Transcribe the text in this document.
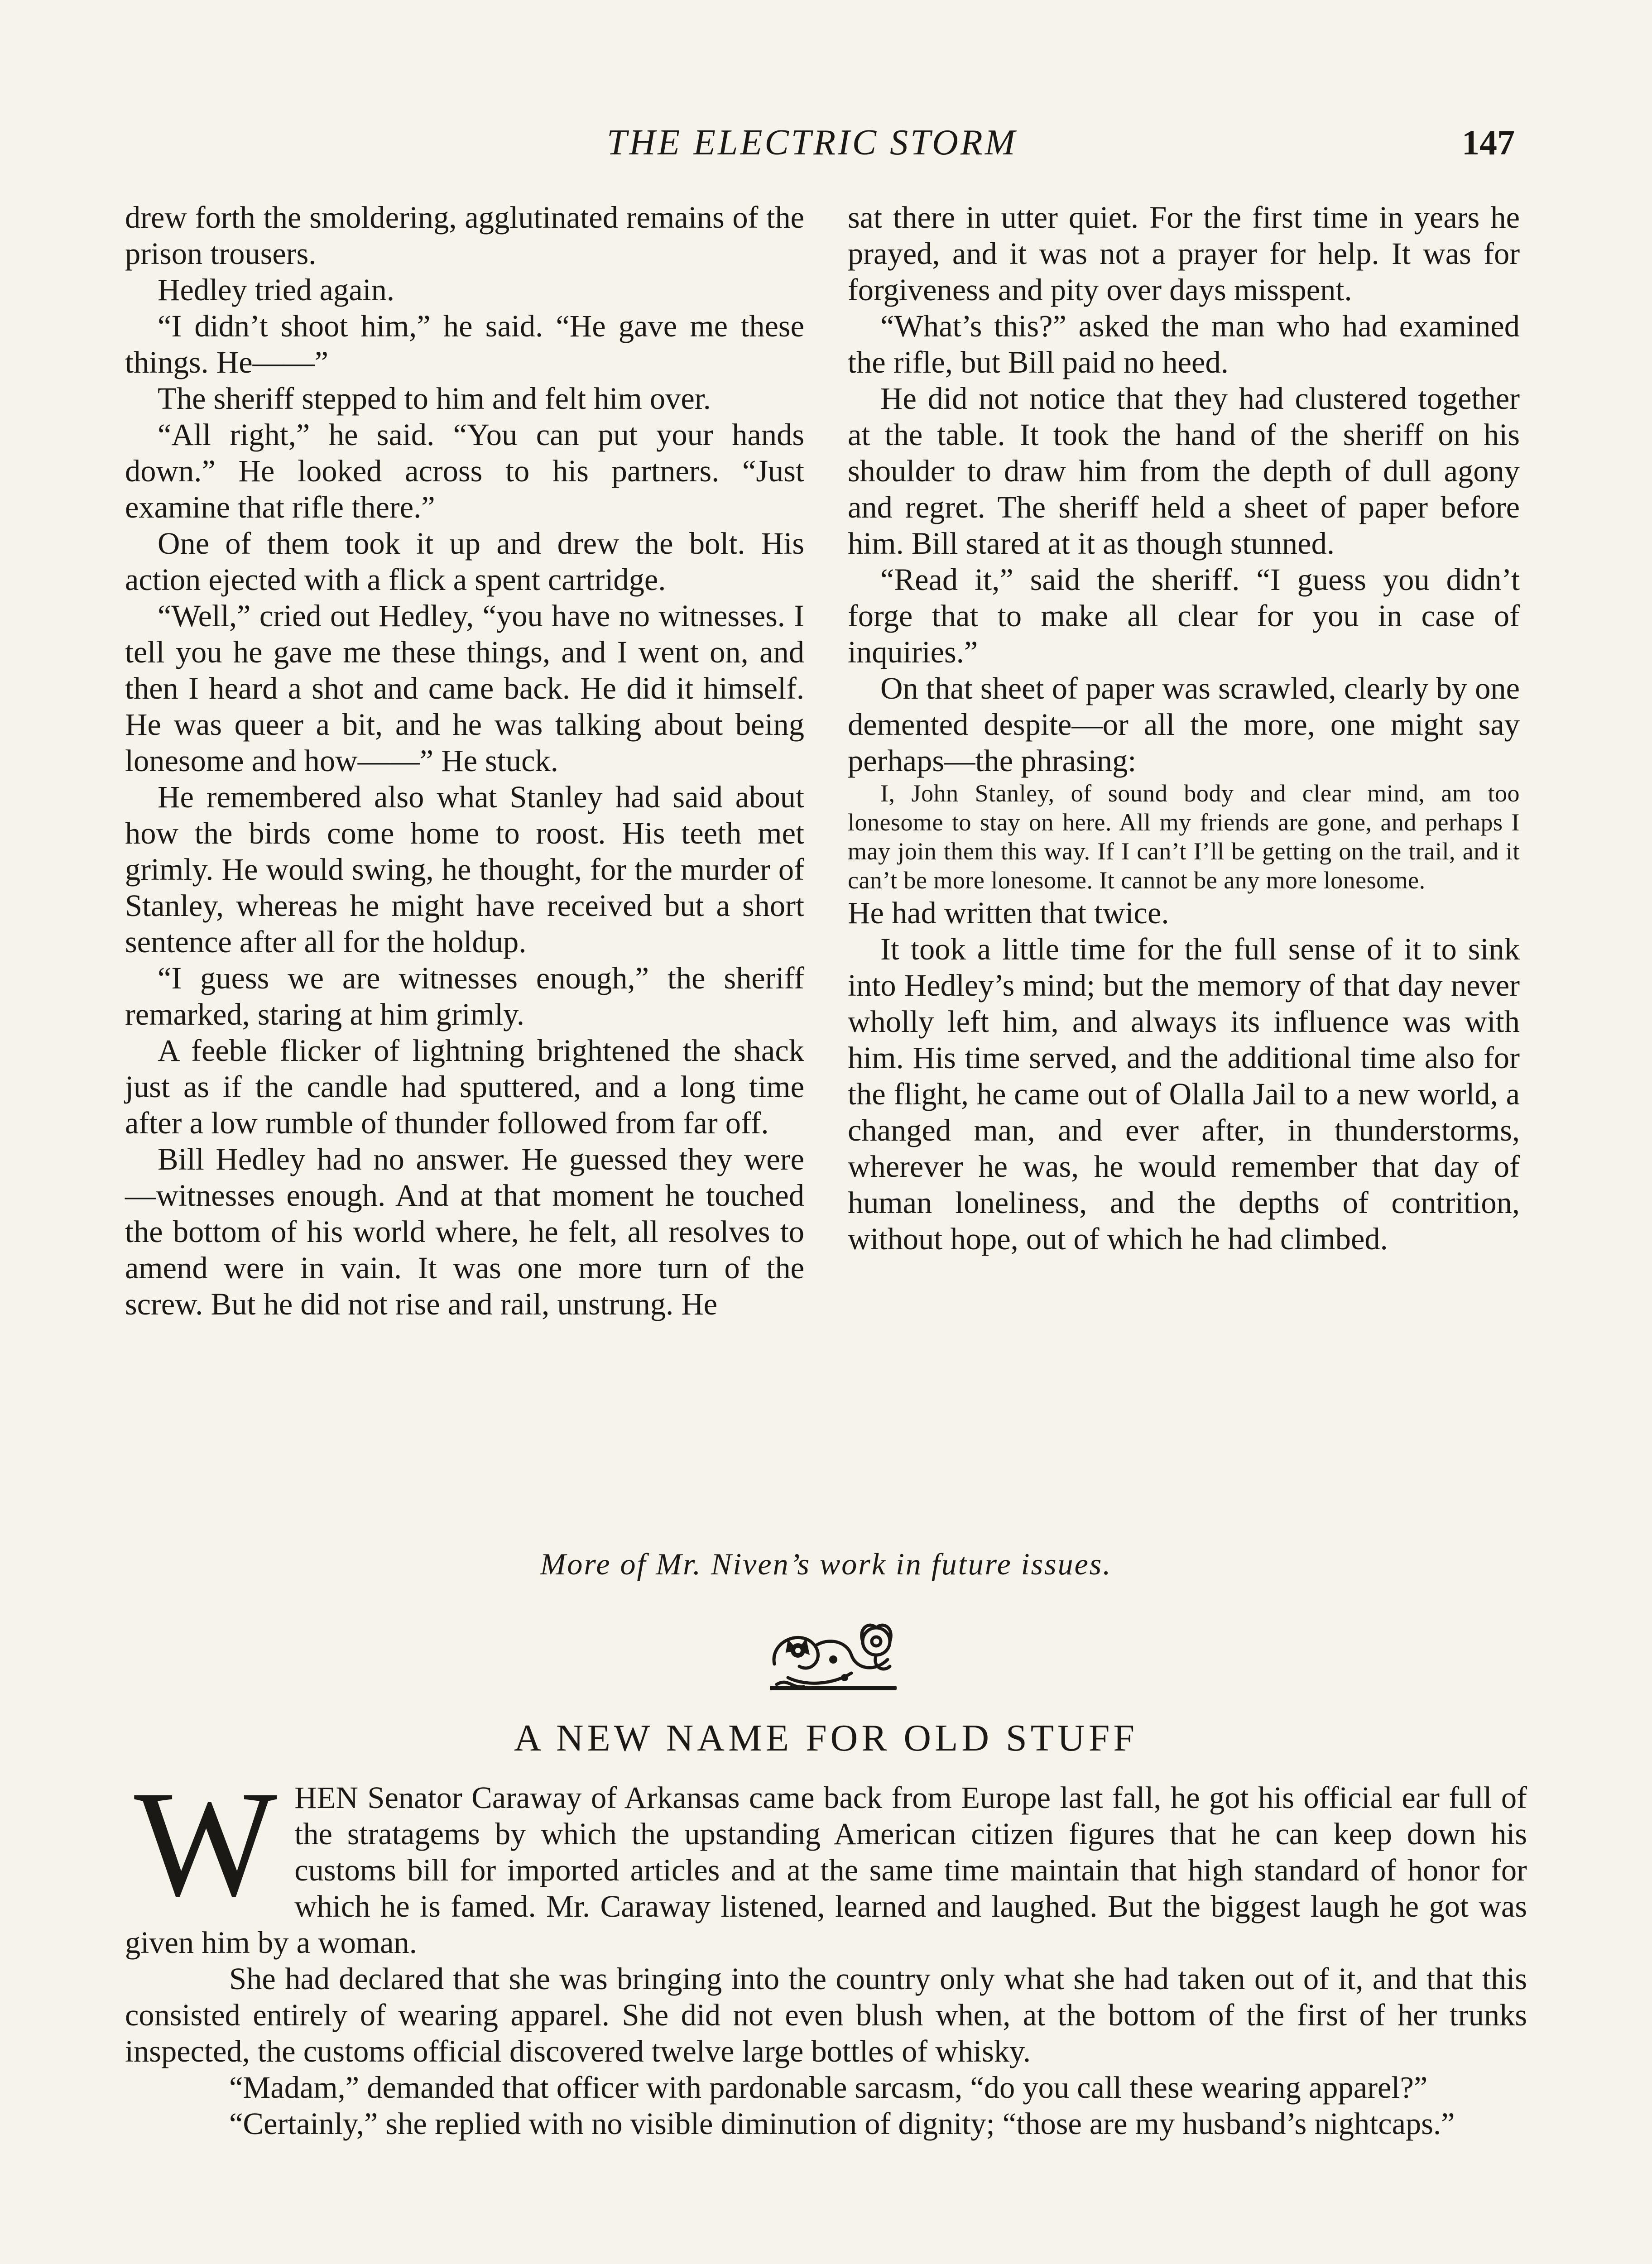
THE ELECTRIC STORM	147

drew forth the smoldering, agglutinated remains of the prison trousers.

Hedley tried again.

“I didn’t shoot him,” he said. “He gave me these things. He——”

The sheriff stepped to him and felt him over.

“All right,” he said. “You can put your hands down.” He looked across to his partners. “Just examine that rifle there.”

One of them took it up and drew the bolt. His action ejected with a flick a spent cartridge.

“Well,” cried out Hedley, “you have no witnesses. I tell you he gave me these things, and I went on, and then I heard a shot and came back. He did it himself. He was queer a bit, and he was talking about being lonesome and how——” He stuck.

He remembered also what Stanley had said about how the birds come home to roost. His teeth met grimly. He would swing, he thought, for the murder of Stanley, whereas he might have received but a short sentence after all for the holdup.

“I guess we are witnesses enough,” the sheriff remarked, staring at him grimly.

A feeble flicker of lightning brightened the shack just as if the candle had sputtered, and a long time after a low rumble of thunder followed from far off.

Bill Hedley had no answer. He guessed they were—witnesses enough. And at that moment he touched the bottom of his world where, he felt, all resolves to amend were in vain. It was one more turn of the screw. But he did not rise and rail, unstrung. He

sat there in utter quiet. For the first time in years he prayed, and it was not a prayer for help. It was for forgiveness and pity over days misspent.

“What’s this?” asked the man who had examined the rifle, but Bill paid no heed.

He did not notice that they had clustered together at the table. It took the hand of the sheriff on his shoulder to draw him from the depth of dull agony and regret. The sheriff held a sheet of paper before him. Bill stared at it as though stunned.

“Read it,” said the sheriff. “I guess you didn’t forge that to make all clear for you in case of inquiries.”

On that sheet of paper was scrawled, clearly by one demented despite—or all the more, one might say perhaps—the phrasing:

I, John Stanley, of sound body and clear mind, am too lonesome to stay on here. All my friends are gone, and perhaps I may join them this way. If I can’t I’ll be getting on the trail, and it can’t be more lonesome. It cannot be any more lonesome.

He had written that twice.

It took a little time for the full sense of it to sink into Hedley’s mind; but the memory of that day never wholly left him, and always its influence was with him. His time served, and the additional time also for the flight, he came out of Olalla Jail to a new world, a changed man, and ever after, in thunderstorms, wherever he was, he would remember that day of human loneliness, and the depths of contrition, without hope, out of which he had climbed.

More of Mr. Niven’s work in future issues.
A NEW NAME FOR OLD STUFF

WHEN Senator Caraway of Arkansas came back from Europe last fall, he got his official ear full of the stratagems by which the upstanding American citizen figures that he can keep down his customs bill for imported articles and at the same time maintain that high standard of honor for which he is famed. Mr. Caraway listened, learned and laughed. But the biggest laugh he got was given him by a woman.

She had declared that she was bringing into the country only what she had taken out of it, and that this consisted entirely of wearing apparel. She did not even blush when, at the bottom of the first of her trunks inspected, the customs official discovered twelve large bottles of whisky.

“Madam,” demanded that officer with pardonable sarcasm, “do you call these wearing apparel?”

“Certainly,” she replied with no visible diminution of dignity; “those are my husband’s nightcaps.”
